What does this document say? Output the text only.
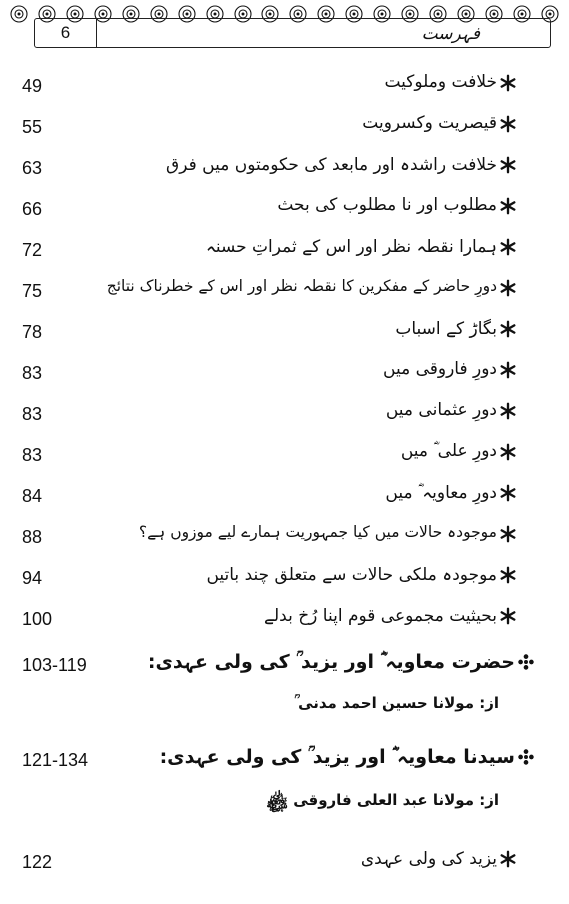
6	فہرست
49	خلافت وملوکیت
55	قیصریت وکسرویت
63	خلافت راشدہ اور مابعد کی حکومتوں میں فرق
66	مطلوب اور نا مطلوب کی بحث
72	ہمارا نقطہ نظر اور اس کے ثمراتِ حسنہ
75	دورِ حاضر کے مفکرین کا نقطہ نظر اور اس کے خطرناک نتائج
78	بگاڑ کے اسباب
83	دورِ فاروقی میں
83	دورِ عثمانی میں
83	دورِ علی ؓ میں
84	دورِ معاویہ ؓ میں
88	موجودہ حالات میں کیا جمہوریت ہمارے لیے موزوں ہے؟
94	موجودہ ملکی حالات سے متعلق چند باتیں
100	بحیثیت مجموعی قوم اپنا رُخ بدلے
103-119	حضرت معاویہ ؓ اور یزید ؒ کی ولی عہدی:
از: مولانا حسین احمد مدنی ؒ
121-134	سیدنا معاویہ ؓ اور یزید ؒ کی ولی عہدی:
از: مولانا عبد العلی فاروقی ﷾
122	یزید کی ولی عہدی
